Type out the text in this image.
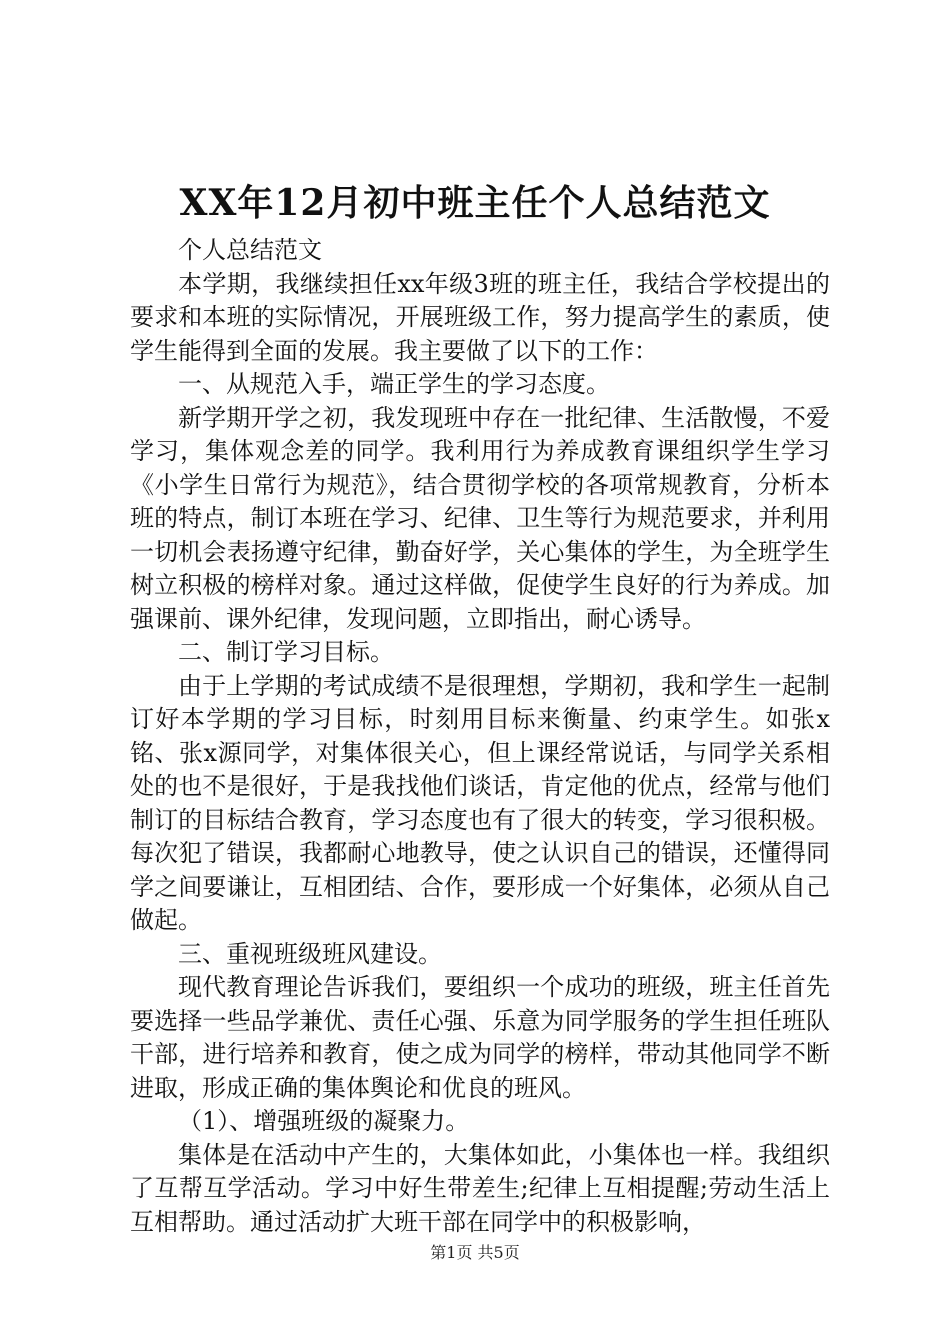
XX年12月初中班主任个人总结范文

个人总结范文

本学期，我继续担任xx年级3班的班主任，我结合学校提出的要求和本班的实际情况，开展班级工作，努力提高学生的素质，使学生能得到全面的发展。我主要做了以下的工作：

一、从规范入手，端正学生的学习态度。

新学期开学之初，我发现班中存在一批纪律、生活散慢，不爱学习，集体观念差的同学。我利用行为养成教育课组织学生学习《小学生日常行为规范》，结合贯彻学校的各项常规教育，分析本班的特点，制订本班在学习、纪律、卫生等行为规范要求，并利用一切机会表扬遵守纪律，勤奋好学，关心集体的学生，为全班学生树立积极的榜样对象。通过这样做，促使学生良好的行为养成。加强课前、课外纪律，发现问题，立即指出，耐心诱导。

二、制订学习目标。

由于上学期的考试成绩不是很理想，学期初，我和学生一起制订好本学期的学习目标，时刻用目标来衡量、约束学生。如张x铭、张x源同学，对集体很关心，但上课经常说话，与同学关系相处的也不是很好，于是我找他们谈话，肯定他的优点，经常与他们制订的目标结合教育，学习态度也有了很大的转变，学习很积极。每次犯了错误，我都耐心地教导，使之认识自己的错误，还懂得同学之间要谦让，互相团结、合作，要形成一个好集体，必须从自己做起。

三、重视班级班风建设。

现代教育理论告诉我们，要组织一个成功的班级，班主任首先要选择一些品学兼优、责任心强、乐意为同学服务的学生担任班队干部，进行培养和教育，使之成为同学的榜样，带动其他同学不断进取，形成正确的集体舆论和优良的班风。

（1）、增强班级的凝聚力。

集体是在活动中产生的，大集体如此，小集体也一样。我组织了互帮互学活动。学习中好生带差生;纪律上互相提醒;劳动生活上互相帮助。通过活动扩大班干部在同学中的积极影响，

第1页 共5页
